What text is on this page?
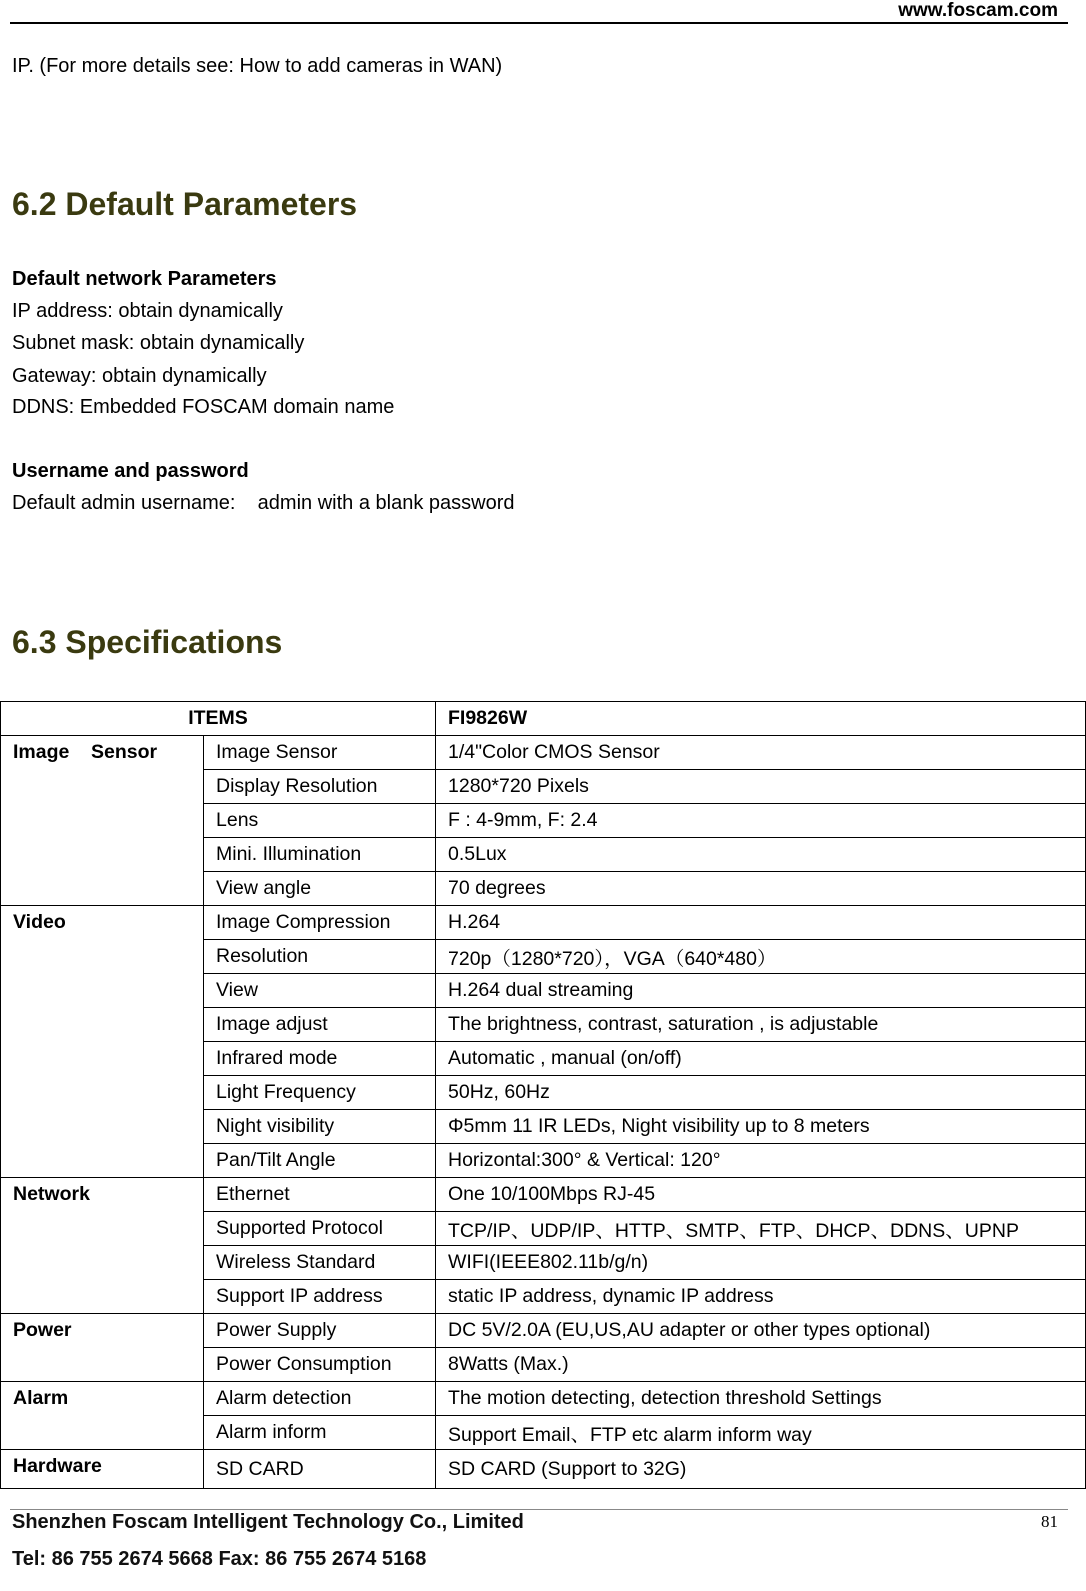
www.foscam.com
IP. (For more details see: How to add cameras in WAN)
6.2 Default Parameters
Default network Parameters
IP address: obtain dynamically
Subnet mask: obtain dynamically
Gateway: obtain dynamically
DDNS: Embedded FOSCAM domain name
Username and password
Default admin username:    admin with a blank password
6.3 Specifications
ITEMS		FI9826W
Image    Sensor	Image Sensor	1/4"Color CMOS Sensor
	Display Resolution	1280*720 Pixels
	Lens	F : 4-9mm, F: 2.4
	Mini. Illumination	0.5Lux
	View angle	70 degrees
Video	Image Compression	H.264
	Resolution	720p（1280*720），VGA（640*480）
	View	H.264 dual streaming
	Image adjust	The brightness, contrast, saturation , is adjustable
	Infrared mode	Automatic , manual (on/off)
	Light Frequency	50Hz, 60Hz
	Night visibility	Φ5mm 11 IR LEDs, Night visibility up to 8 meters
	Pan/Tilt Angle	Horizontal:300° & Vertical: 120°
Network	Ethernet	One 10/100Mbps RJ-45
	Supported Protocol	TCP/IP、UDP/IP、HTTP、SMTP、FTP、DHCP、DDNS、UPNP
	Wireless Standard	WIFI(IEEE802.11b/g/n)
	Support IP address	static IP address, dynamic IP address
Power	Power Supply	DC 5V/2.0A (EU,US,AU adapter or other types optional)
	Power Consumption	8Watts (Max.)
Alarm	Alarm detection	The motion detecting, detection threshold Settings
	Alarm inform	Support Email、FTP etc alarm inform way
Hardware	SD CARD	SD CARD (Support to 32G)
Shenzhen Foscam Intelligent Technology Co., Limited
Tel: 86 755 2674 5668 Fax: 86 755 2674 5168
81
